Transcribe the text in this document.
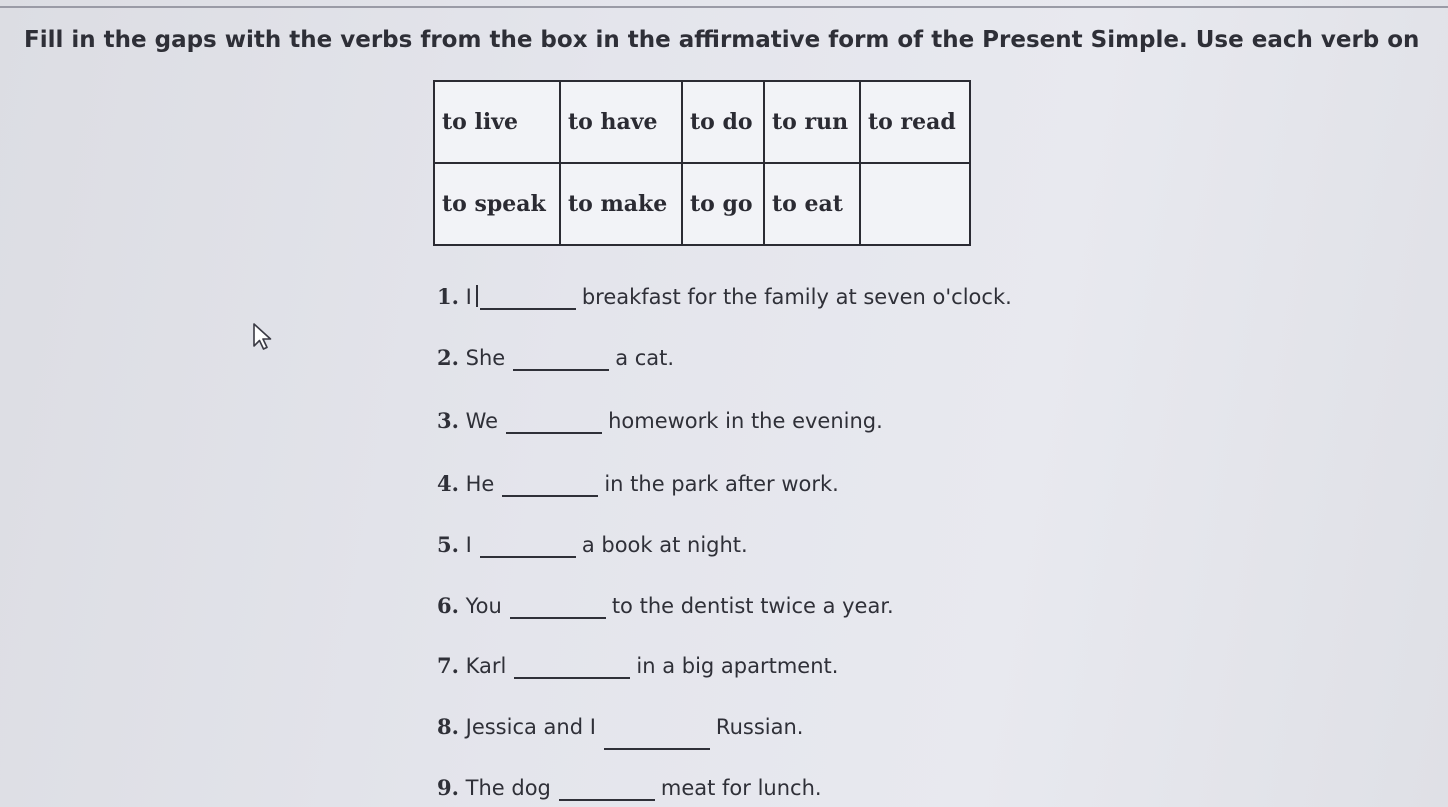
Fill in the gaps with the verbs from the box in the affirmative form of the Present Simple. Use each verb on
to live	to have	to do	to run	to read
to speak	to make	to go	to eat	
1. I	breakfast for the family at seven o'clock.
2. She	a cat.
3. We	homework in the evening.
4. He	in the park after work.
5. I	a book at night.
6. You	to the dentist twice a year.
7. Karl	in a big apartment.
8. Jessica and I	Russian.
9. The dog	meat for lunch.
